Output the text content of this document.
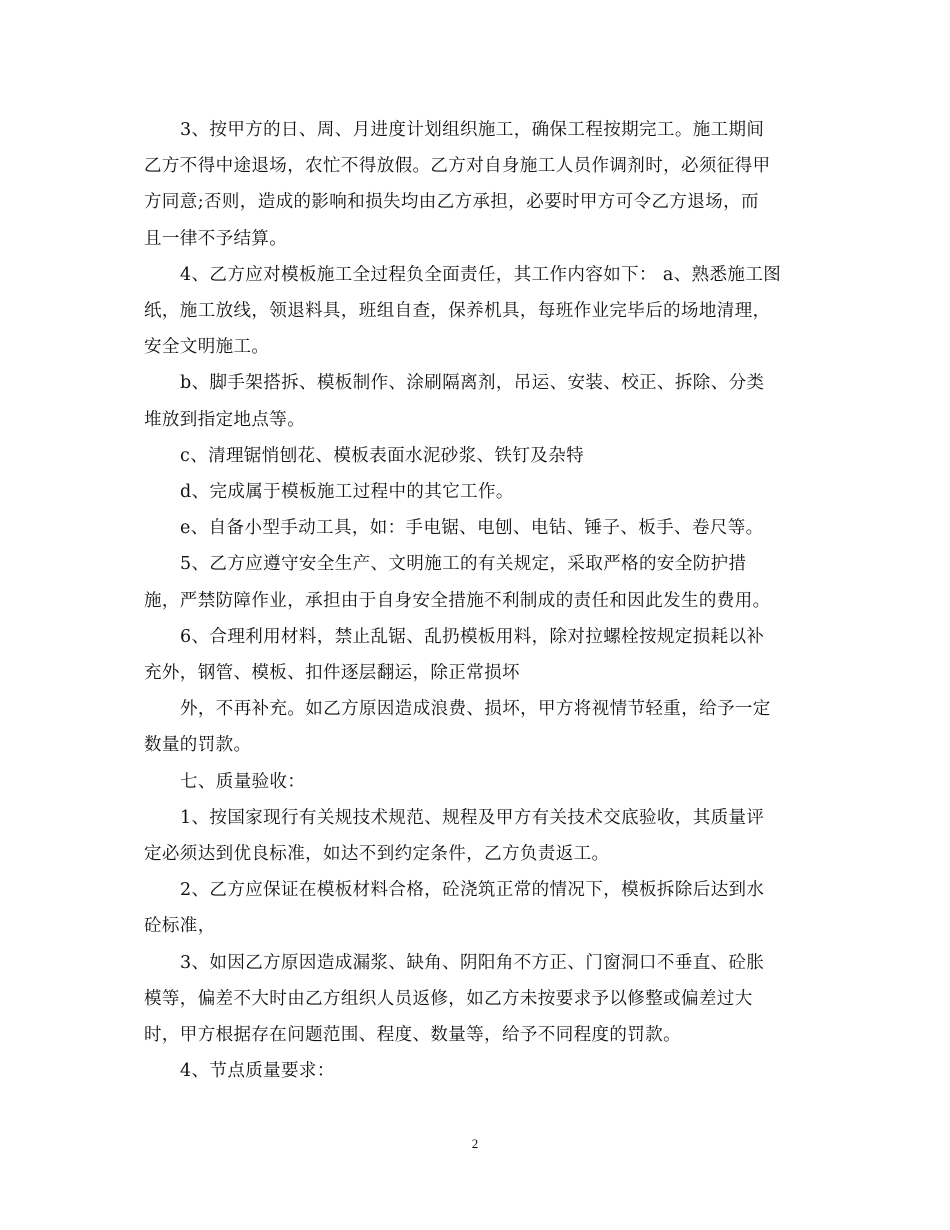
3、按甲方的日、周、月进度计划组织施工，确保工程按期完工。施工期间

乙方不得中途退场，农忙不得放假。乙方对自身施工人员作调剂时，必须征得甲

方同意;否则，造成的影响和损失均由乙方承担，必要时甲方可令乙方退场，而

且一律不予结算。

4、乙方应对模板施工全过程负全面责任，其工作内容如下： a、熟悉施工图

纸，施工放线，领退料具，班组自查，保养机具，每班作业完毕后的场地清理，

安全文明施工。

b、脚手架搭拆、模板制作、涂刷隔离剂，吊运、安装、校正、拆除、分类

堆放到指定地点等。

c、清理锯悄刨花、模板表面水泥砂浆、铁钉及杂特

d、完成属于模板施工过程中的其它工作。

e、自备小型手动工具，如：手电锯、电刨、电钻、锤子、板手、卷尺等。

5、乙方应遵守安全生产、文明施工的有关规定，采取严格的安全防护措

施，严禁防障作业，承担由于自身安全措施不利制成的责任和因此发生的费用。

6、合理利用材料，禁止乱锯、乱扔模板用料，除对拉螺栓按规定损耗以补

充外，钢管、模板、扣件逐层翻运，除正常损坏

外，不再补充。如乙方原因造成浪费、损坏，甲方将视情节轻重，给予一定

数量的罚款。

七、质量验收：

1、按国家现行有关规技术规范、规程及甲方有关技术交底验收，其质量评

定必须达到优良标准，如达不到约定条件，乙方负责返工。

2、乙方应保证在模板材料合格，砼浇筑正常的情况下，模板拆除后达到水

砼标准，

3、如因乙方原因造成漏浆、缺角、阴阳角不方正、门窗洞口不垂直、砼胀

模等，偏差不大时由乙方组织人员返修，如乙方未按要求予以修整或偏差过大

时，甲方根据存在问题范围、程度、数量等，给予不同程度的罚款。

4、节点质量要求：

2
